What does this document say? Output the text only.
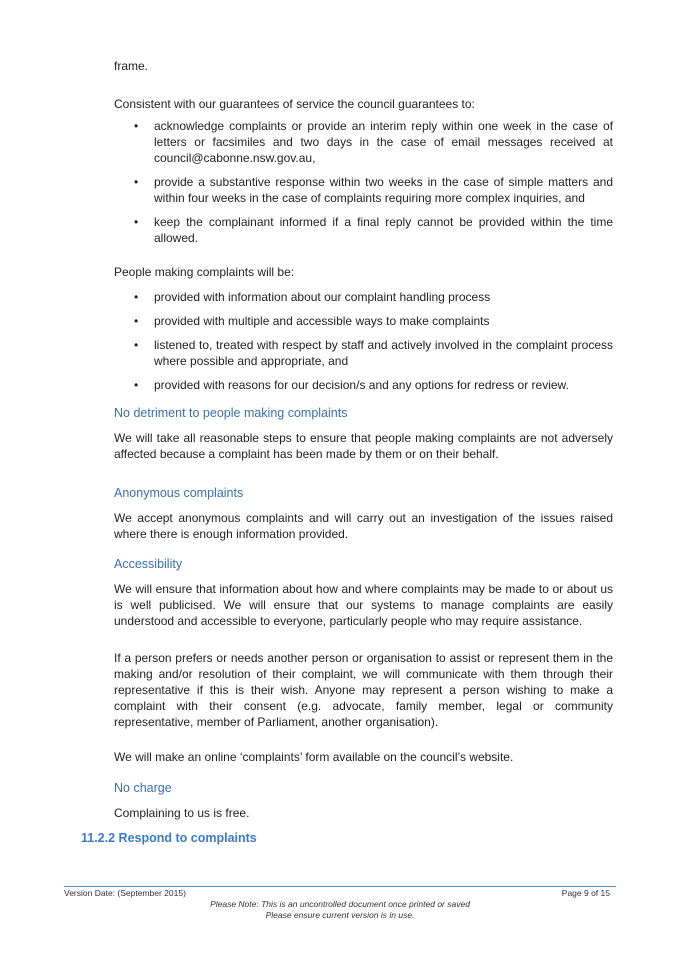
frame.

Consistent with our guarantees of service the council guarantees to:

• acknowledge complaints or provide an interim reply within one week in the case of letters or facsimiles and two days in the case of email messages received at council@cabonne.nsw.gov.au,
• provide a substantive response within two weeks in the case of simple matters and within four weeks in the case of complaints requiring more complex inquiries, and
• keep the complainant informed if a final reply cannot be provided within the time allowed.

People making complaints will be:

• provided with information about our complaint handling process
• provided with multiple and accessible ways to make complaints
• listened to, treated with respect by staff and actively involved in the complaint process where possible and appropriate, and
• provided with reasons for our decision/s and any options for redress or review.

No detriment to people making complaints

We will take all reasonable steps to ensure that people making complaints are not adversely affected because a complaint has been made by them or on their behalf.

Anonymous complaints

We accept anonymous complaints and will carry out an investigation of the issues raised where there is enough information provided.

Accessibility

We will ensure that information about how and where complaints may be made to or about us is well publicised. We will ensure that our systems to manage complaints are easily understood and accessible to everyone, particularly people who may require assistance.

If a person prefers or needs another person or organisation to assist or represent them in the making and/or resolution of their complaint, we will communicate with them through their representative if this is their wish. Anyone may represent a person wishing to make a complaint with their consent (e.g. advocate, family member, legal or community representative, member of Parliament, another organisation).

We will make an online ‘complaints’ form available on the council’s website.

No charge

Complaining to us is free.

11.2.2 Respond to complaints

Version Date: (September 2015)	Page 9 of 15
Please Note: This is an uncontrolled document once printed or saved
Please ensure current version is in use.
